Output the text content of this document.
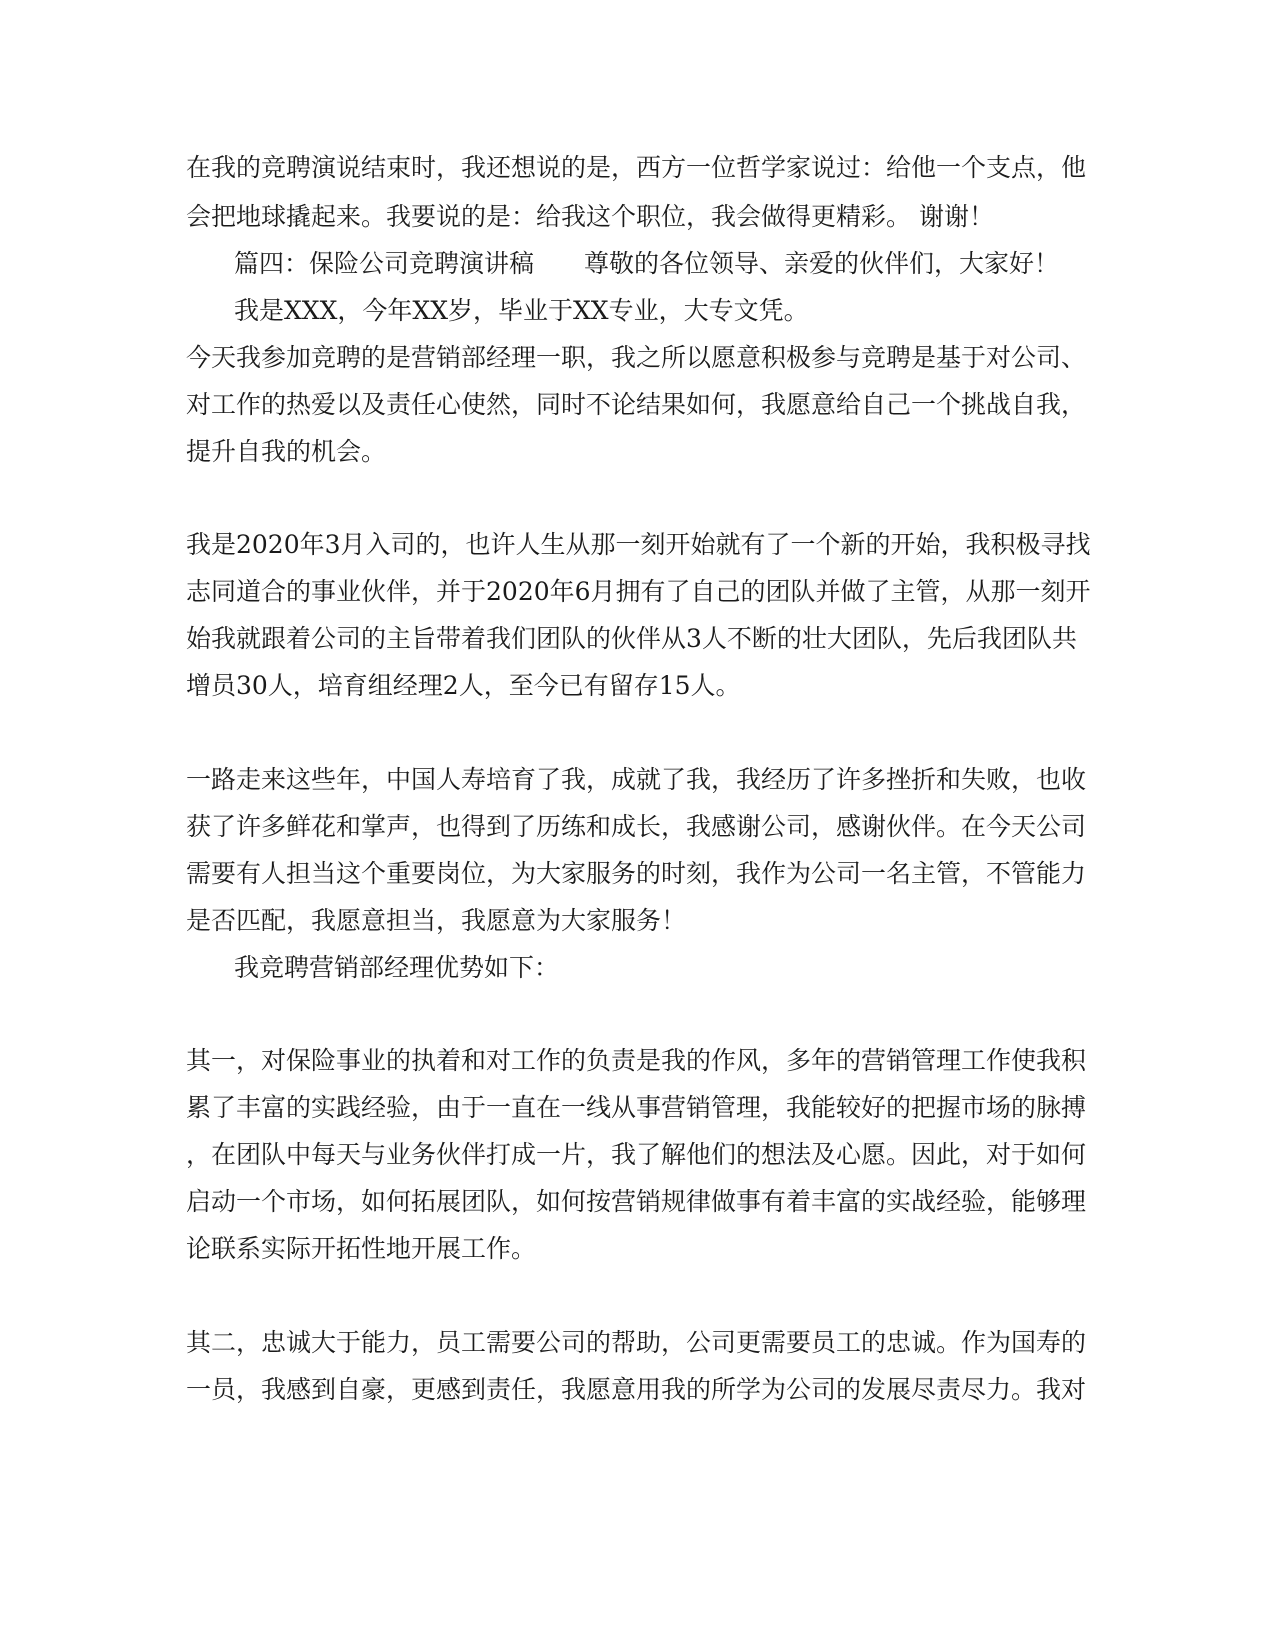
在我的竞聘演说结束时，我还想说的是，西方一位哲学家说过：给他一个支点，他
会把地球撬起来。我要说的是：给我这个职位，我会做得更精彩。 谢谢！
篇四：保险公司竞聘演讲稿　　尊敬的各位领导、亲爱的伙伴们，大家好！
我是XXX，今年XX岁，毕业于XX专业，大专文凭。
今天我参加竞聘的是营销部经理一职，我之所以愿意积极参与竞聘是基于对公司、
对工作的热爱以及责任心使然，同时不论结果如何，我愿意给自己一个挑战自我，
提升自我的机会。
我是2020年3月入司的，也许人生从那一刻开始就有了一个新的开始，我积极寻找
志同道合的事业伙伴，并于2020年6月拥有了自己的团队并做了主管，从那一刻开
始我就跟着公司的主旨带着我们团队的伙伴从3人不断的壮大团队，先后我团队共
增员30人，培育组经理2人，至今已有留存15人。
一路走来这些年，中国人寿培育了我，成就了我，我经历了许多挫折和失败，也收
获了许多鲜花和掌声，也得到了历练和成长，我感谢公司，感谢伙伴。在今天公司
需要有人担当这个重要岗位，为大家服务的时刻，我作为公司一名主管，不管能力
是否匹配，我愿意担当，我愿意为大家服务！
我竞聘营销部经理优势如下：
其一，对保险事业的执着和对工作的负责是我的作风，多年的营销管理工作使我积
累了丰富的实践经验，由于一直在一线从事营销管理，我能较好的把握市场的脉搏
，在团队中每天与业务伙伴打成一片，我了解他们的想法及心愿。因此，对于如何
启动一个市场，如何拓展团队，如何按营销规律做事有着丰富的实战经验，能够理
论联系实际开拓性地开展工作。
其二，忠诚大于能力，员工需要公司的帮助，公司更需要员工的忠诚。作为国寿的
一员，我感到自豪，更感到责任，我愿意用我的所学为公司的发展尽责尽力。我对
